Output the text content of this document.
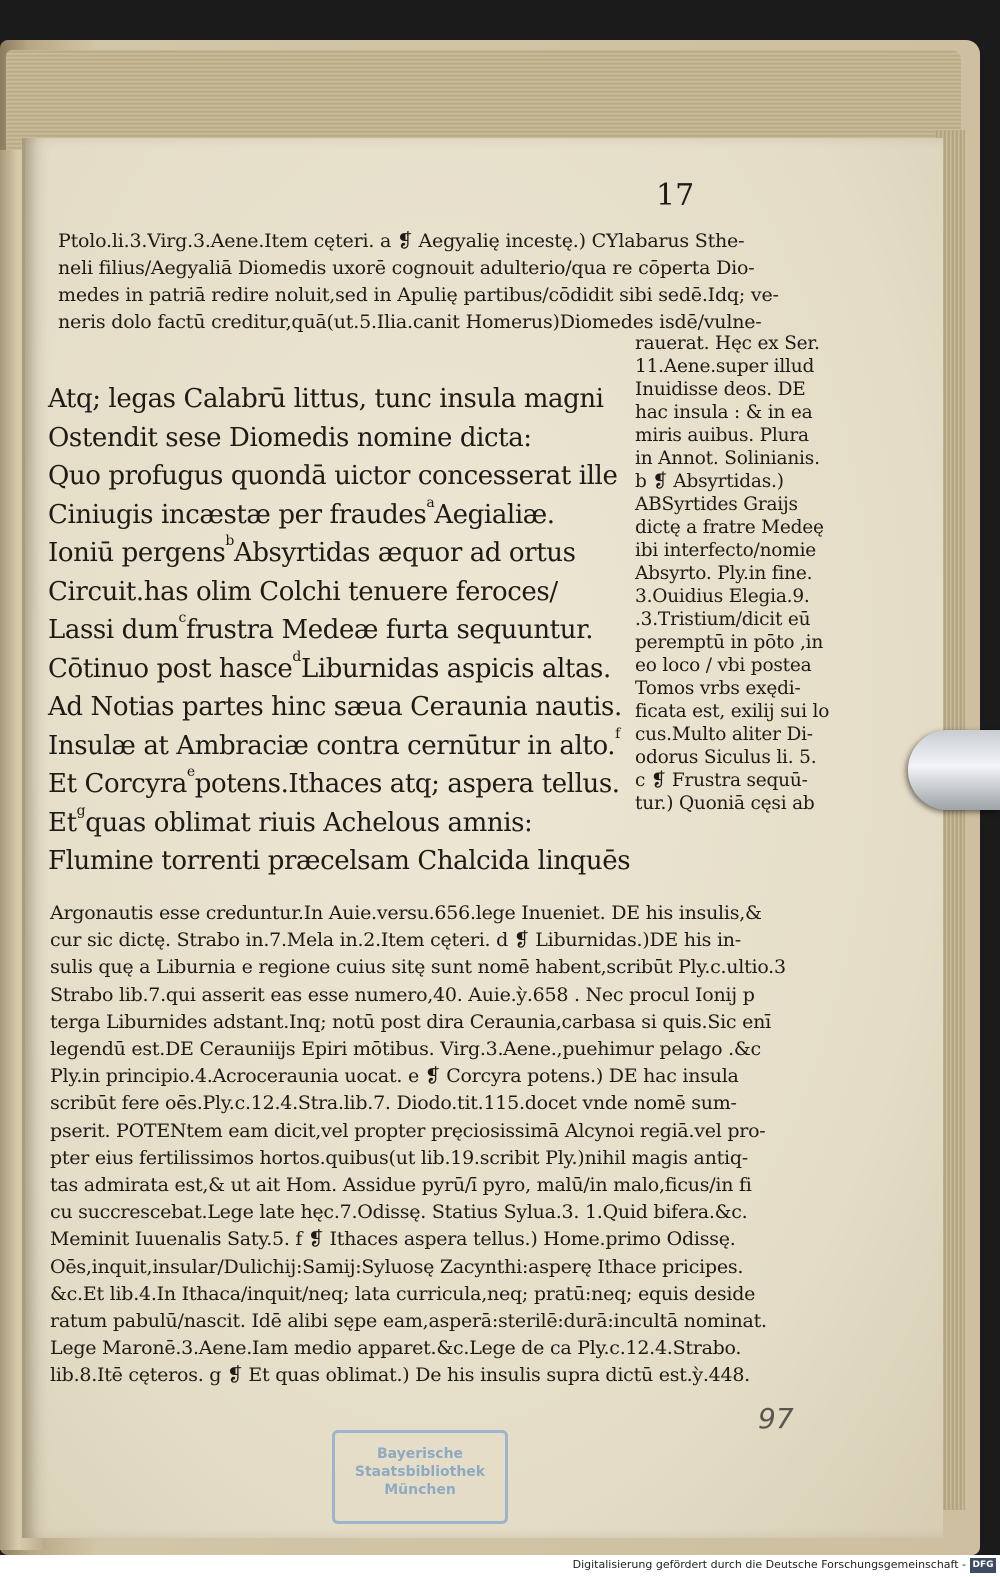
17
Ptolo.li.3.Virg.3.Aene.Item cęteri. a ❡ Aegyalię incestę.) CYlabarus Sthe-
neli filius/Aegyaliā Diomedis uxorē cognouit adulterio/qua re cōperta Dio-
medes in patriā redire noluit,sed in Apulię partibus/cōdidit sibi sedē.Idq; ve-
neris dolo factū creditur,quā(ut.5.Ilia.canit Homerus)Diomedes isdē/vulne-
rauerat. Hęc ex Ser.
11.Aene.super illud
Inuidisse deos. DE
hac insula : & in ea
miris auibus. Plura
in Annot. Solinianis.
b ❡ Absyrtidas.)
ABSyrtides Graijs
dictę a fratre Medeę
ibi interfecto/nomie
Absyrto. Ply.in fine.
3.Ouidius Elegia.9.
.3.Tristium/dicit eū
peremptū in pōto ,in
eo loco / vbi postea
Tomos vrbs exędi-
ficata est, exilij sui lo
cus.Multo aliter Di-
odorus Siculus li. 5.
c ❡ Frustra sequū-
tur.) Quoniā cęsi ab
Atq; legas Calabrū littus, tunc insula magni
Ostendit sese Diomedis nomine dicta:
Quo profugus quondā uictor concesserat ille
Ciniugis incæstæ per fraudes$^a$Aegialiæ.
Ioniū pergens$^b$Absyrtidas æquor ad ortus
Circuit.has olim Colchi tenuere feroces/
Lassi dum$^c$frustra Medeæ furta sequuntur.
Cōtinuo post hasce$^d$Liburnidas aspicis altas.
Ad Notias partes hinc sæua Ceraunia nautis.
Insulæ at Ambraciæ contra cernūtur in alto.$^f$
Et Corcyra$^e$potens.Ithaces atq; aspera tellus.
Et$^g$quas oblimat riuis Achelous amnis:
Flumine torrenti præcelsam Chalcida linquēs
Argonautis esse creduntur.In Auie.versu.656.lege Inueniet. DE his insulis,&
cur sic dictę. Strabo in.7.Mela in.2.Item cęteri. d ❡ Liburnidas.)DE his in-
sulis quę a Liburnia e regione cuius sitę sunt nomē habent,scribūt Ply.c.ultio.3
Strabo lib.7.qui asserit eas esse numero,40. Auie.ỳ.658 . Nec procul Ionij p
terga Liburnides adstant.Inq; notū post dira Ceraunia,carbasa si quis.Sic enī
legendū est.DE Cerauniijs Epiri mōtibus. Virg.3.Aene.,puehimur pelago .&c
Ply.in principio.4.Acroceraunia uocat. e ❡ Corcyra potens.) DE hac insula
scribūt fere oēs.Ply.c.12.4.Stra.lib.7. Diodo.tit.115.docet vnde nomē sum-
pserit. POTENtem eam dicit,vel propter pręciosissimā Alcynoi regiā.vel pro-
pter eius fertilissimos hortos.quibus(ut lib.19.scribit Ply.)nihil magis antiq-
tas admirata est,& ut ait Hom. Assidue pyrū/ī pyro, malū/in malo,ficus/in fi
cu succrescebat.Lege late hęc.7.Odissę. Statius Sylua.3. 1.Quid bifera.&c.
Meminit Iuuenalis Saty.5. f ❡ Ithaces aspera tellus.) Home.primo Odissę.
Oēs,inquit,insular/Dulichij:Samij:Syluosę Zacynthi:asperę Ithace pricipes.
&c.Et lib.4.In Ithaca/inquit/neq; lata curricula,neq; pratū:neq; equis deside
ratum pabulū/nascit. Idē alibi sępe eam,asperā:sterilē:durā:incultā nominat.
Lege Maronē.3.Aene.Iam medio apparet.&c.Lege de ca Ply.c.12.4.Strabo.
lib.8.Itē cęteros. g ❡ Et quas oblimat.) De his insulis supra dictū est.ỳ.448.
97
Bayerische
Staatsbibliothek
München
Digitalisierung gefördert durch die Deutsche Forschungsgemeinschaft - DFG
